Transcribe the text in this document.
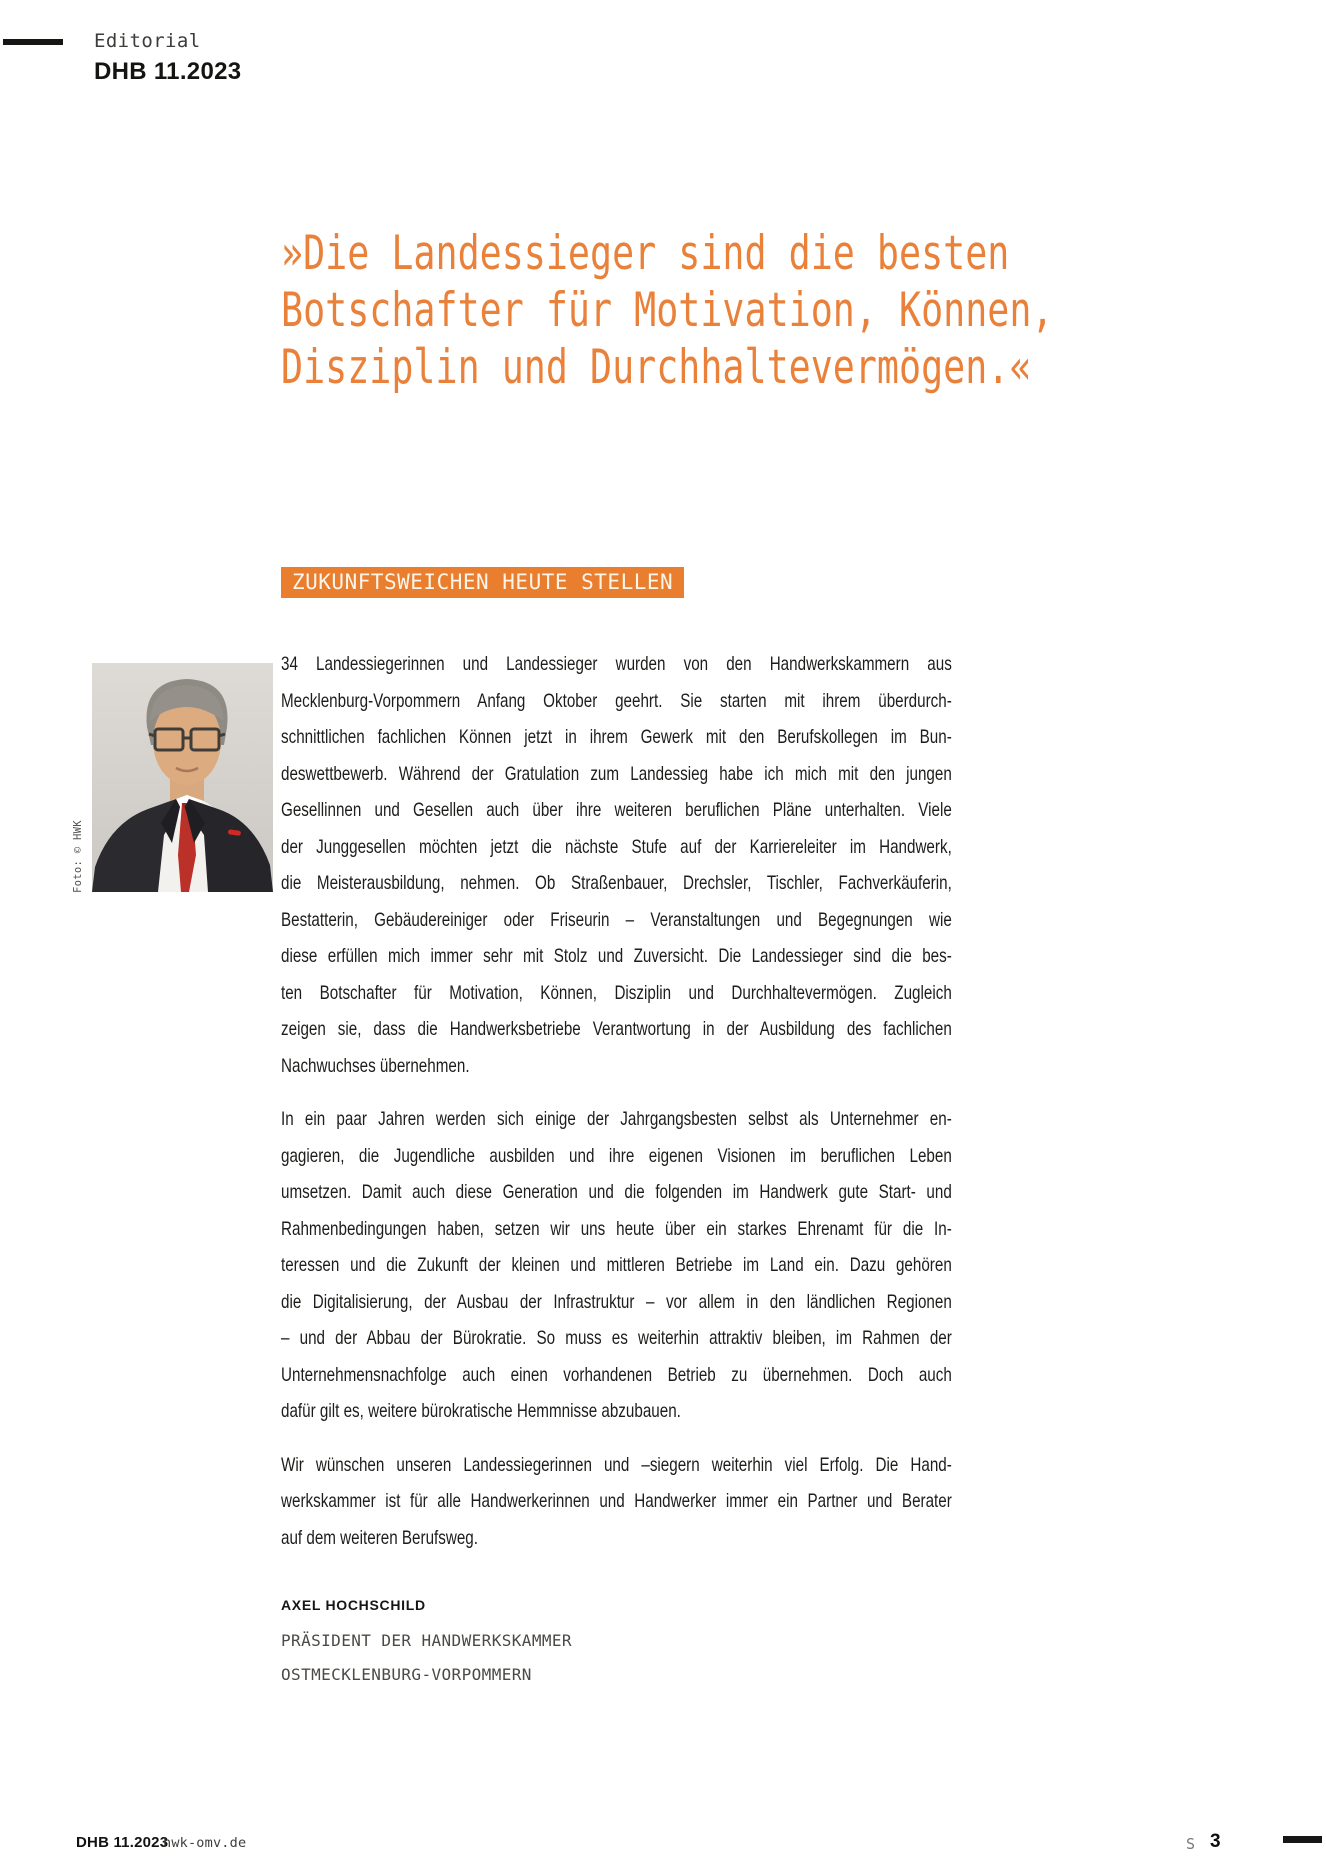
Editorial
DHB 11.2023
»Die Landessieger sind die besten
Botschafter für Motivation, Können,
Disziplin und Durchhaltevermögen.«
ZUKUNFTSWEICHEN HEUTE STELLEN
Foto: © HWK
34 Landessiegerinnen und Landessieger wurden von den Handwerkskammern aus
Mecklenburg-Vorpommern Anfang Oktober geehrt. Sie starten mit ihrem überdurch-
schnittlichen fachlichen Können jetzt in ihrem Gewerk mit den Berufskollegen im Bun-
deswettbewerb. Während der Gratulation zum Landessieg habe ich mich mit den jungen
Gesellinnen und Gesellen auch über ihre weiteren beruflichen Pläne unterhalten. Viele
der Junggesellen möchten jetzt die nächste Stufe auf der Karriereleiter im Handwerk,
die Meisterausbildung, nehmen. Ob Straßenbauer, Drechsler, Tischler, Fachverkäuferin,
Bestatterin, Gebäudereiniger oder Friseurin – Veranstaltungen und Begegnungen wie
diese erfüllen mich immer sehr mit Stolz und Zuversicht. Die Landessieger sind die bes-
ten Botschafter für Motivation, Können, Disziplin und Durchhaltevermögen. Zugleich
zeigen sie, dass die Handwerksbetriebe Verantwortung in der Ausbildung des fachlichen
Nachwuchses übernehmen.
In ein paar Jahren werden sich einige der Jahrgangsbesten selbst als Unternehmer en-
gagieren, die Jugendliche ausbilden und ihre eigenen Visionen im beruflichen Leben
umsetzen. Damit auch diese Generation und die folgenden im Handwerk gute Start- und
Rahmenbedingungen haben, setzen wir uns heute über ein starkes Ehrenamt für die In-
teressen und die Zukunft der kleinen und mittleren Betriebe im Land ein. Dazu gehören
die Digitalisierung, der Ausbau der Infrastruktur – vor allem in den ländlichen Regionen
– und der Abbau der Bürokratie. So muss es weiterhin attraktiv bleiben, im Rahmen der
Unternehmensnachfolge auch einen vorhandenen Betrieb zu übernehmen. Doch auch
dafür gilt es, weitere bürokratische Hemmnisse abzubauen.
Wir wünschen unseren Landessiegerinnen und –siegern weiterhin viel Erfolg. Die Hand-
werkskammer ist für alle Handwerkerinnen und Handwerker immer ein Partner und Berater
auf dem weiteren Berufsweg.
AXEL HOCHSCHILD
PRÄSIDENT DER HANDWERKSKAMMER
OSTMECKLENBURG-VORPOMMERN
DHB 11.2023
hwk-omv.de	S 3
